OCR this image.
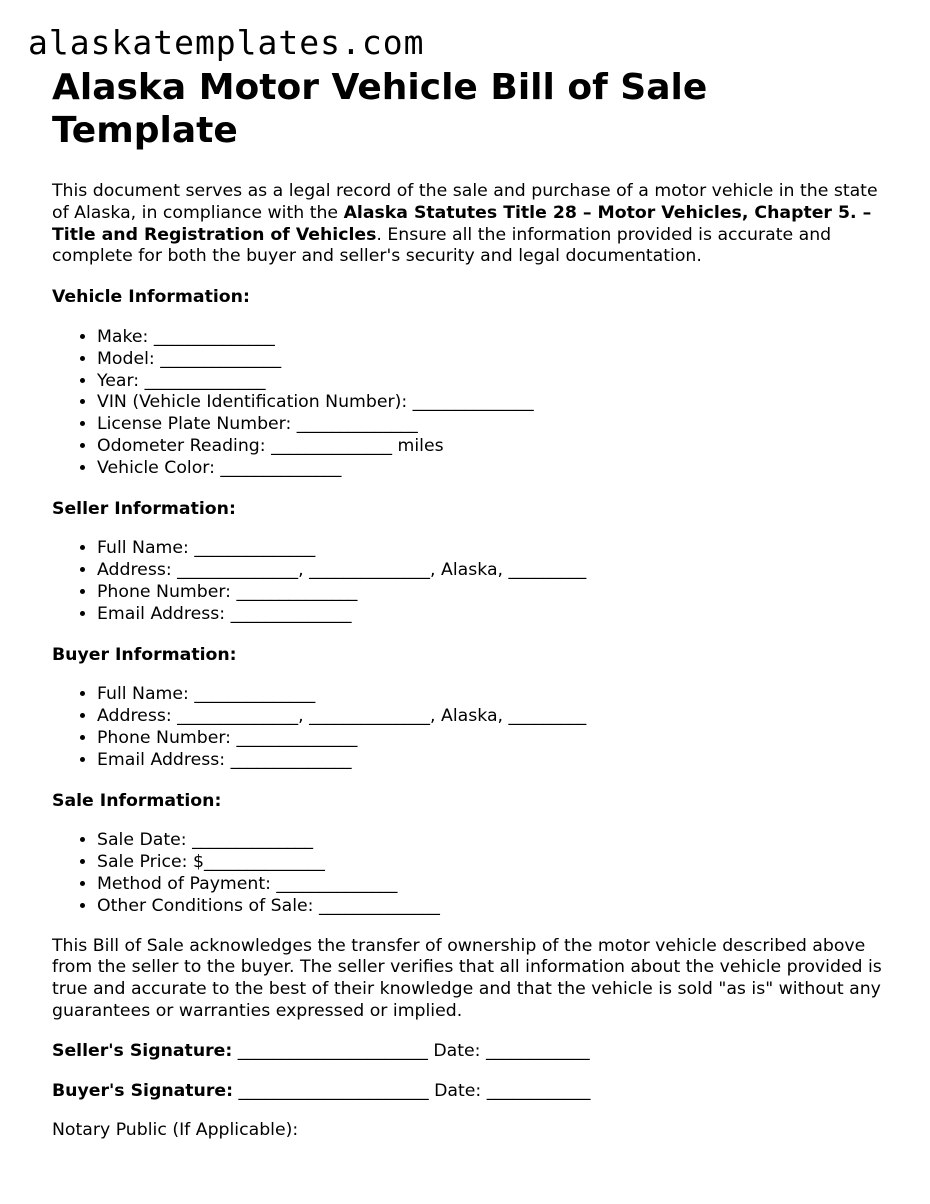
alaskatemplates.com
Alaska Motor Vehicle Bill of Sale Template

This document serves as a legal record of the sale and purchase of a motor vehicle in the state of Alaska, in compliance with the Alaska Statutes Title 28 – Motor Vehicles, Chapter 5. – Title and Registration of Vehicles. Ensure all the information provided is accurate and complete for both the buyer and seller's security and legal documentation.

Vehicle Information:
• Make: ______________
• Model: ______________
• Year: ______________
• VIN (Vehicle Identification Number): ______________
• License Plate Number: ______________
• Odometer Reading: ______________ miles
• Vehicle Color: ______________
Seller Information:
• Full Name: ______________
• Address: ______________, ______________, Alaska, _________
• Phone Number: ______________
• Email Address: ______________
Buyer Information:
• Full Name: ______________
• Address: ______________, ______________, Alaska, _________
• Phone Number: ______________
• Email Address: ______________
Sale Information:
• Sale Date: ______________
• Sale Price: $______________
• Method of Payment: ______________
• Other Conditions of Sale: ______________

This Bill of Sale acknowledges the transfer of ownership of the motor vehicle described above from the seller to the buyer. The seller verifies that all information about the vehicle provided is true and accurate to the best of their knowledge and that the vehicle is sold "as is" without any guarantees or warranties expressed or implied.

Seller's Signature: ______________________ Date: ____________

Buyer's Signature: ______________________ Date: ____________

Notary Public (If Applicable):
